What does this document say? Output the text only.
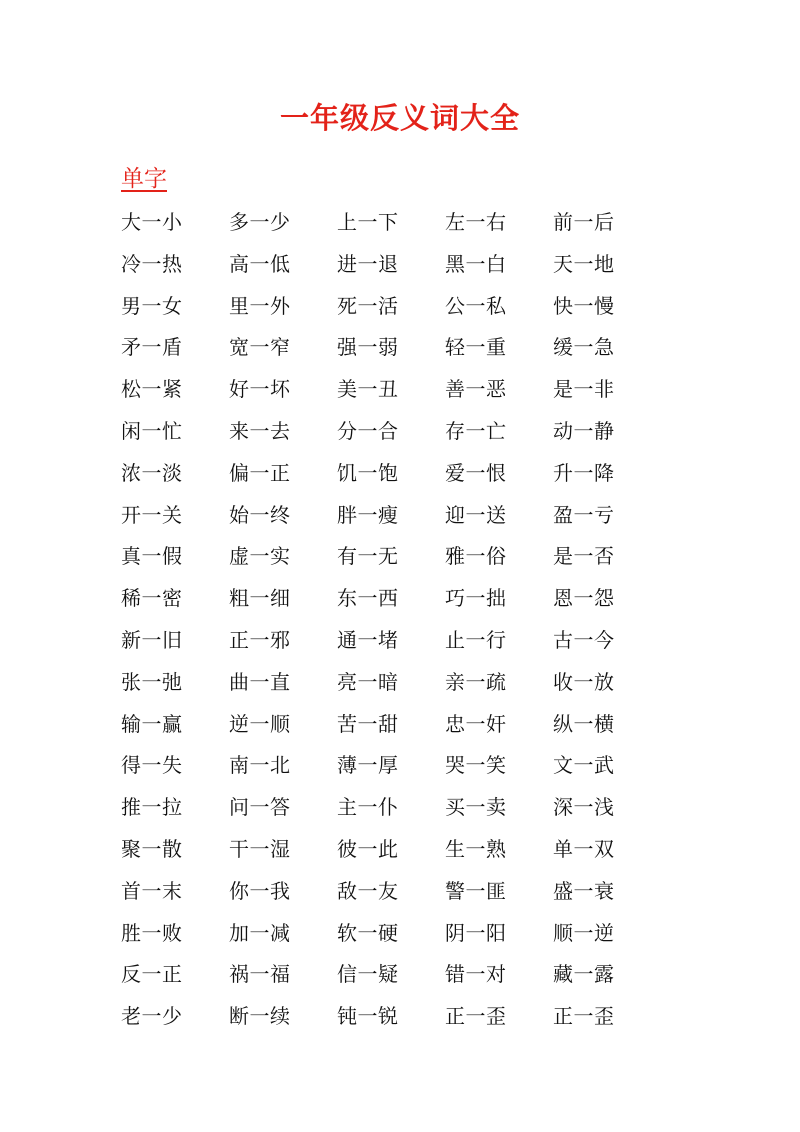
一年级反义词大全
单字
大一小	多一少	上一下	左一右	前一后
冷一热	高一低	进一退	黑一白	天一地
男一女	里一外	死一活	公一私	快一慢
矛一盾	宽一窄	强一弱	轻一重	缓一急
松一紧	好一坏	美一丑	善一恶	是一非
闲一忙	来一去	分一合	存一亡	动一静
浓一淡	偏一正	饥一饱	爱一恨	升一降
开一关	始一终	胖一瘦	迎一送	盈一亏
真一假	虚一实	有一无	雅一俗	是一否
稀一密	粗一细	东一西	巧一拙	恩一怨
新一旧	正一邪	通一堵	止一行	古一今
张一弛	曲一直	亮一暗	亲一疏	收一放
输一赢	逆一顺	苦一甜	忠一奸	纵一横
得一失	南一北	薄一厚	哭一笑	文一武
推一拉	问一答	主一仆	买一卖	深一浅
聚一散	干一湿	彼一此	生一熟	单一双
首一末	你一我	敌一友	警一匪	盛一衰
胜一败	加一减	软一硬	阴一阳	顺一逆
反一正	祸一福	信一疑	错一对	藏一露
老一少	断一续	钝一锐	正一歪	正一歪
